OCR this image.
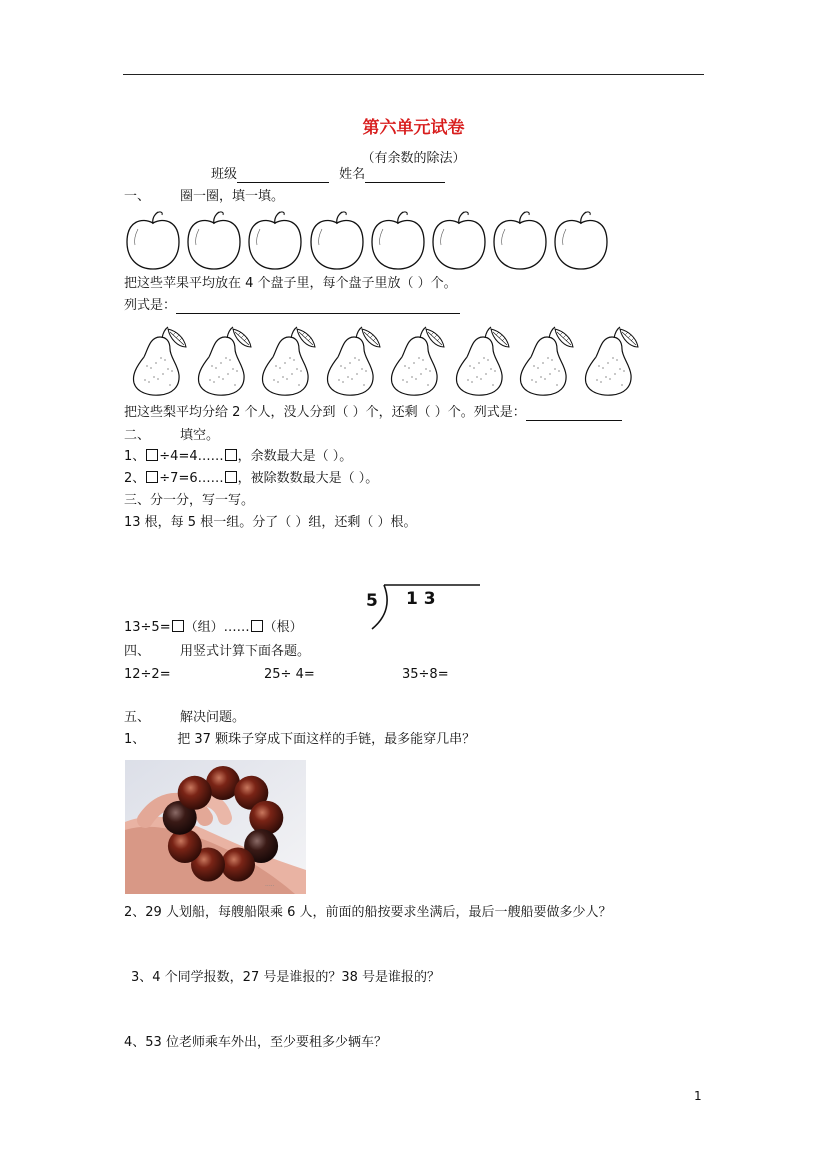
第六单元试卷
（有余数的除法）
班级	姓名
一、 圈一圈，填一填。
把这些苹果平均放在 4 个盘子里，每个盘子里放（ ）个。
列式是：
把这些梨平均分给 2 个人，没人分到（ ）个，还剩（ ）个。列式是：
二、 填空。
1、 ÷4=4…… ，余数最大是（ ）。
2、 ÷7=6…… ，被除数数最大是（ ）。
三、分一分，写一写。
13 根，每 5 根一组。分了（ ）组，还剩（ ）根。
5 1 3
13÷5= （组）…… （根）
四、 用竖式计算下面各题。
12÷2=	25÷ 4=	35÷8=
五、 解决问题。
1、 把 37 颗珠子穿成下面这样的手链，最多能穿几串？
·····
2、29 人划船，每艘船限乘 6 人，前面的船按要求坐满后，最后一艘船要做多少人？
3、4 个同学报数，27 号是谁报的？38 号是谁报的？
4、53 位老师乘车外出，至少要租多少辆车？
1
